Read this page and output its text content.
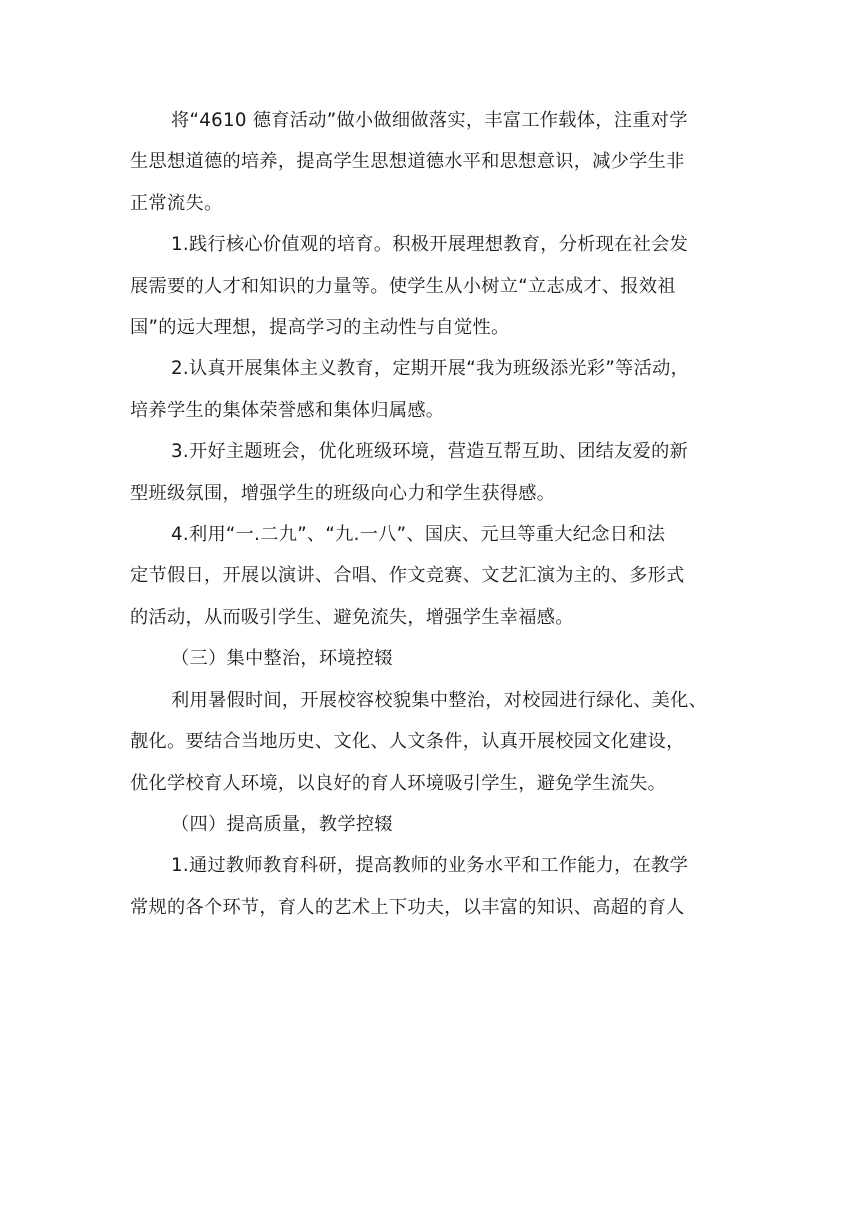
将“4610 德育活动”做小做细做落实，丰富工作载体，注重对学
生思想道德的培养，提高学生思想道德水平和思想意识，减少学生非
正常流失。

1.践行核心价值观的培育。积极开展理想教育，分析现在社会发
展需要的人才和知识的力量等。使学生从小树立“立志成才、报效祖
国”的远大理想，提高学习的主动性与自觉性。

2.认真开展集体主义教育，定期开展“我为班级添光彩”等活动，
培养学生的集体荣誉感和集体归属感。

3.开好主题班会，优化班级环境，营造互帮互助、团结友爱的新
型班级氛围，增强学生的班级向心力和学生获得感。

4.利用“一.二九”、“九.一八”、国庆、元旦等重大纪念日和法
定节假日，开展以演讲、合唱、作文竞赛、文艺汇演为主的、多形式
的活动，从而吸引学生、避免流失，增强学生幸福感。

（三）集中整治，环境控辍

利用暑假时间，开展校容校貌集中整治，对校园进行绿化、美化、
靓化。要结合当地历史、文化、人文条件，认真开展校园文化建设，
优化学校育人环境，以良好的育人环境吸引学生，避免学生流失。

（四）提高质量，教学控辍

1.通过教师教育科研，提高教师的业务水平和工作能力，在教学
常规的各个环节，育人的艺术上下功夫，以丰富的知识、高超的育人
